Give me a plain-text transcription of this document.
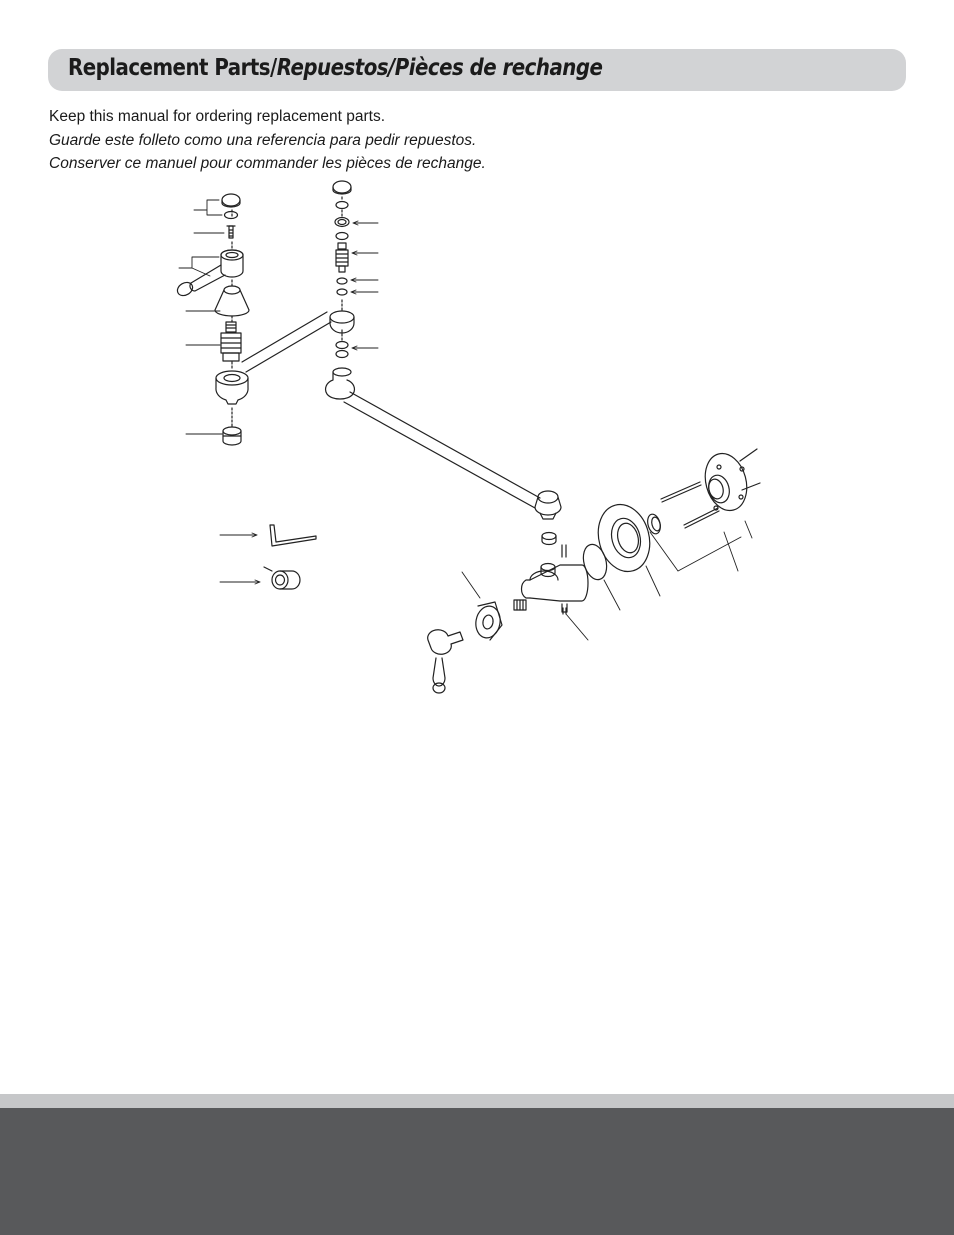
Replacement Parts/Repuestos/Pièces de rechange

Keep this manual for ordering replacement parts.

Guarde este folleto como una referencia para pedir repuestos.

Conserver ce manuel pour commander les pièces de rechange.
